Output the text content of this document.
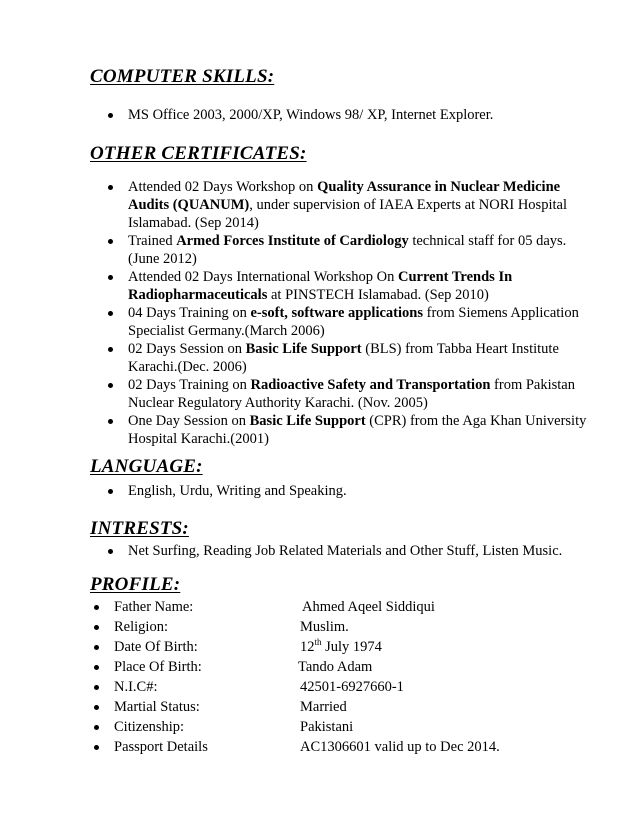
COMPUTER SKILLS:
MS Office 2003, 2000/XP, Windows 98/ XP, Internet Explorer.
OTHER CERTIFICATES:
Attended 02 Days Workshop on Quality Assurance in Nuclear Medicine Audits (QUANUM), under supervision of IAEA Experts at NORI Hospital Islamabad. (Sep 2014)
Trained Armed Forces Institute of Cardiology technical staff for 05 days. (June 2012)
Attended 02 Days International Workshop On Current Trends In Radiopharmaceuticals at PINSTECH Islamabad. (Sep 2010)
04 Days Training on e-soft, software applications from Siemens Application Specialist Germany.(March 2006)
02 Days Session on Basic Life Support (BLS) from Tabba Heart Institute Karachi.(Dec. 2006)
02 Days Training on Radioactive Safety and Transportation from Pakistan Nuclear Regulatory Authority Karachi. (Nov. 2005)
One Day Session on Basic Life Support (CPR) from the Aga Khan University Hospital Karachi.(2001)
LANGUAGE:
English, Urdu, Writing and Speaking.
INTRESTS:
Net Surfing, Reading Job Related Materials and Other Stuff, Listen Music.
PROFILE:
Father Name:	Ahmed Aqeel Siddiqui
Religion:	Muslim.
Date Of Birth:	12th July 1974
Place Of Birth:	Tando Adam
N.I.C#:	42501-6927660-1
Martial Status:	Married
Citizenship:	Pakistani
Passport Details	AC1306601 valid up to Dec 2014.
